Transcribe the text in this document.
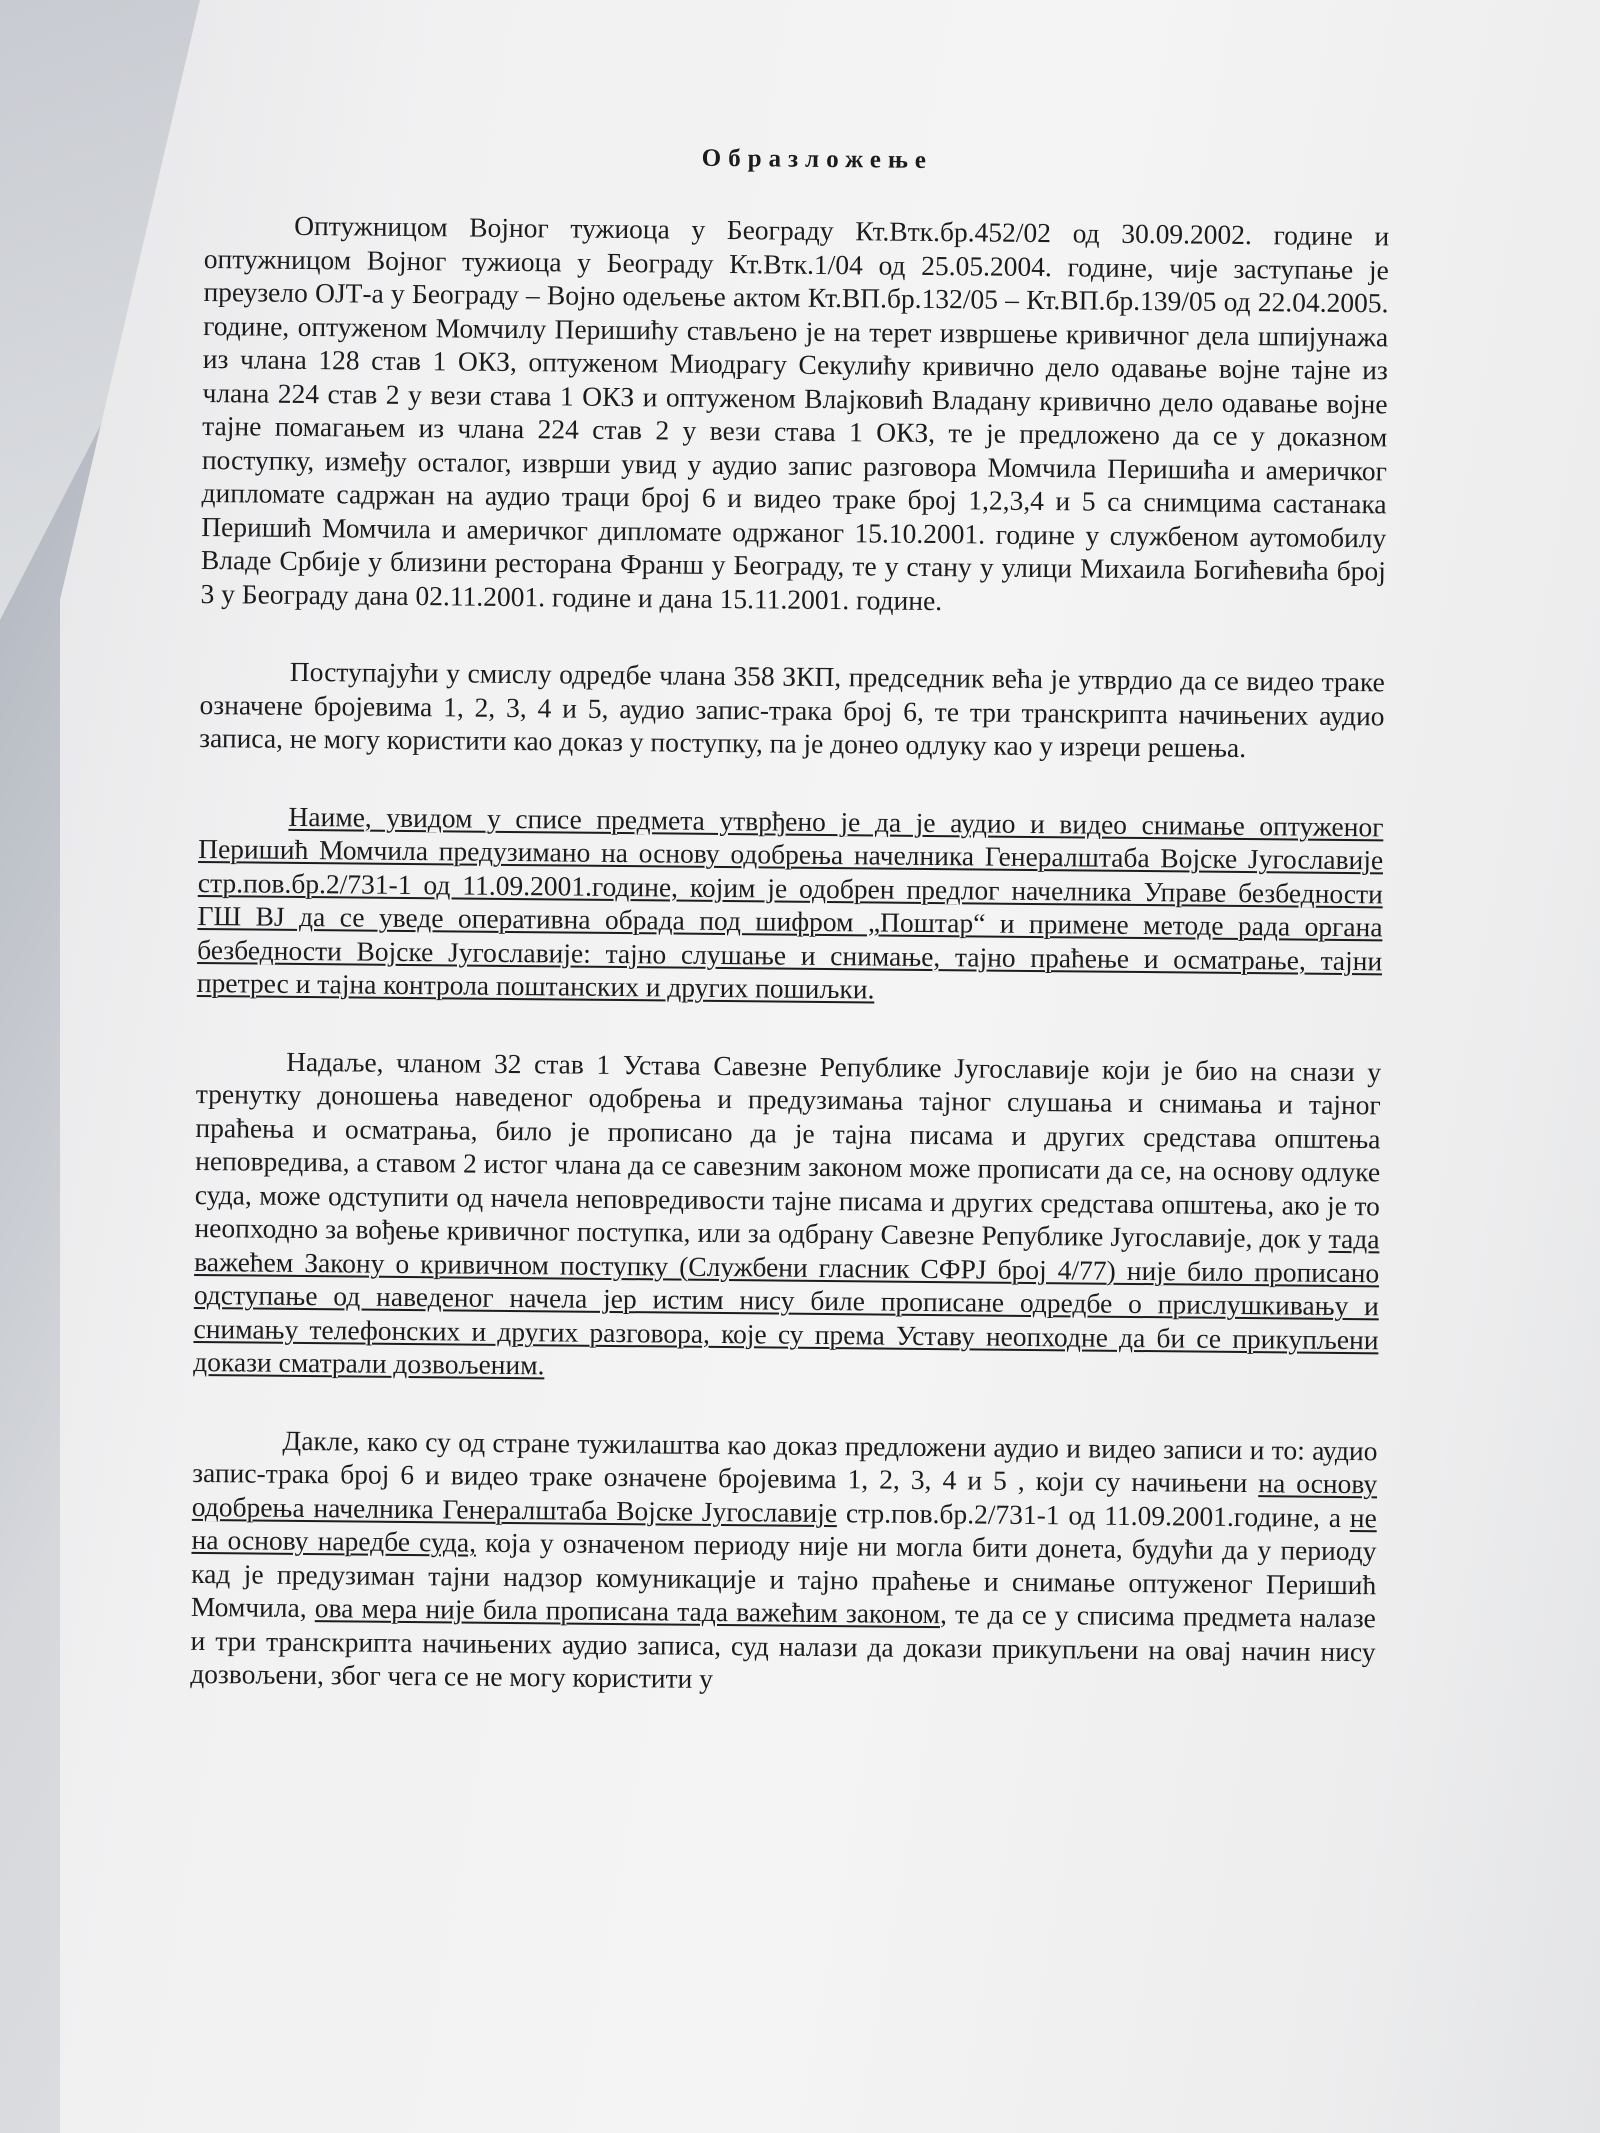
Образложење

Оптужницом Војног тужиоца у Београду Кт.Втк.бр.452/02 од 30.09.2002. године и оптужницом Војног тужиоца у Београду Кт.Втк.1/04 од 25.05.2004. године, чије заступање је преузело ОЈТ-а у Београду – Војно одељење актом Кт.ВП.бр.132/05 – Кт.ВП.бр.139/05 од 22.04.2005. године, оптуженом Момчилу Перишићу стављено је на терет извршење кривичног дела шпијунажа из члана 128 став 1 ОКЗ, оптуженом Миодрагу Секулићу кривично дело одавање војне тајне из члана 224 став 2 у вези става 1 ОКЗ и оптуженом Влајковић Владану кривично дело одавање војне тајне помагањем из члана 224 став 2 у вези става 1 ОКЗ, те је предложено да се у доказном поступку, између осталог, изврши увид у аудио запис разговора Момчила Перишића и америчког дипломате садржан на аудио траци број 6 и видео траке број 1,2,3,4 и 5 са снимцима састанака Перишић Момчила и америчког дипломате одржаног 15.10.2001. године у службеном аутомобилу Владе Србије у близини ресторана Франш у Београду, те у стану у улици Михаила Богићевића број 3 у Београду дана 02.11.2001. године и дана 15.11.2001. године.

Поступајући у смислу одредбе члана 358 ЗКП, председник већа је утврдио да се видео траке означене бројевима 1, 2, 3, 4 и 5, аудио запис-трака број 6, те три транскрипта начињених аудио записа, не могу користити као доказ у поступку, па је донео одлуку као у изреци решења.

Наиме, увидом у списе предмета утврђено је да је аудио и видео снимање оптуженог Перишић Момчила предузимано на основу одобрења начелника Генералштаба Војске Југославије стр.пов.бр.2/731-1 од 11.09.2001.године, којим је одобрен предлог начелника Управе безбедности ГШ ВЈ да се уведе оперативна обрада под шифром „Поштар“ и примене методе рада органа безбедности Војске Југославије: тајно слушање и снимање, тајно праћење и осматрање, тајни претрес и тајна контрола поштанских и других пошиљки.

Надаље, чланом 32 став 1 Устава Савезне Републике Југославије који је био на снази у тренутку доношења наведеног одобрења и предузимања тајног слушања и снимања и тајног праћења и осматрања, било је прописано да је тајна писама и других средстава општења неповредива, а ставом 2 истог члана да се савезним законом може прописати да се, на основу одлуке суда, може одступити од начела неповредивости тајне писама и других средстава општења, ако је то неопходно за вођење кривичног поступка, или за одбрану Савезне Републике Југославије, док у тада важећем Закону о кривичном поступку (Службени гласник СФРЈ број 4/77) није било прописано одступање од наведеног начела јер истим нису биле прописане одредбе о прислушкивању и снимању телефонских и других разговора, које су према Уставу неопходне да би се прикупљени докази сматрали дозвољеним.

Дакле, како су од стране тужилаштва као доказ предложени аудио и видео записи и то: аудио запис-трака број 6 и видео траке означене бројевима 1, 2, 3, 4 и 5 , који су начињени на основу одобрења начелника Генералштаба Војске Југославије стр.пов.бр.2/731-1 од 11.09.2001.године, а не на основу наредбе суда, која у означеном периоду није ни могла бити донета, будући да у периоду кад је предузиман тајни надзор комуникације и тајно праћење и снимање оптуженог Перишић Момчила, ова мера није била прописана тада важећим законом, те да се у списима предмета налазе и три транскрипта начињених аудио записа, суд налази да докази прикупљени на овај начин нису дозвољени, због чега се не могу користити у
